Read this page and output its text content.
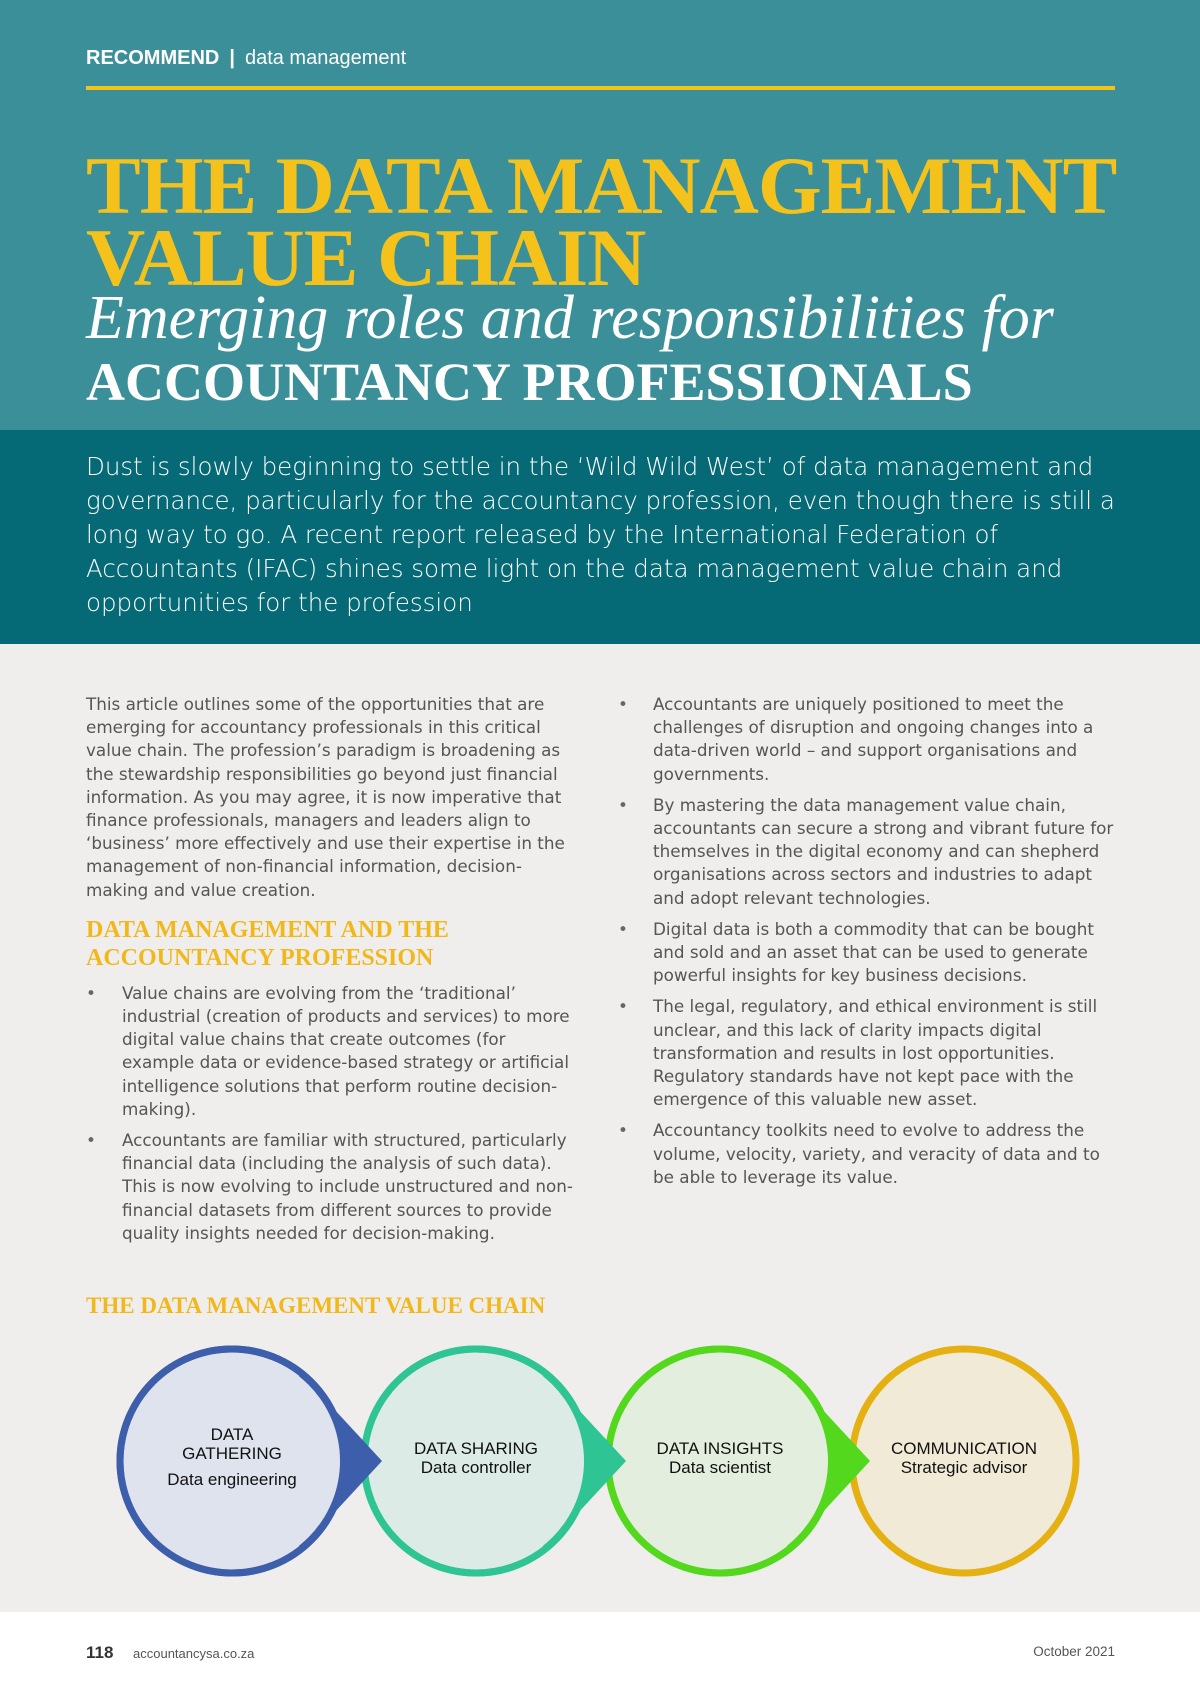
RECOMMEND | data management
THE DATA MANAGEMENT
VALUE CHAIN
Emerging roles and responsibilities for
ACCOUNTANCY PROFESSIONALS

Dust is slowly beginning to settle in the ‘Wild Wild West’ of data management and governance, particularly for the accountancy profession, even though there is still a long way to go. A recent report released by the International Federation of Accountants (IFAC) shines some light on the data management value chain and opportunities for the profession

This article outlines some of the opportunities that are emerging for accountancy professionals in this critical value chain. The profession’s paradigm is broadening as the stewardship responsibilities go beyond just financial information. As you may agree, it is now imperative that finance professionals, managers and leaders align to ‘business’ more effectively and use their expertise in the management of non-financial information, decision-making and value creation.

DATA MANAGEMENT AND THE
ACCOUNTANCY PROFESSION
• Value chains are evolving from the ‘traditional’ industrial (creation of products and services) to more digital value chains that create outcomes (for example data or evidence-based strategy or artificial intelligence solutions that perform routine decision-making).
• Accountants are familiar with structured, particularly financial data (including the analysis of such data). This is now evolving to include unstructured and non-financial datasets from different sources to provide quality insights needed for decision-making.
• Accountants are uniquely positioned to meet the challenges of disruption and ongoing changes into a data-driven world – and support organisations and governments.
• By mastering the data management value chain, accountants can secure a strong and vibrant future for themselves in the digital economy and can shepherd organisations across sectors and industries to adapt and adopt relevant technologies.
• Digital data is both a commodity that can be bought and sold and an asset that can be used to generate powerful insights for key business decisions.
• The legal, regulatory, and ethical environment is still unclear, and this lack of clarity impacts digital transformation and results in lost opportunities. Regulatory standards have not kept pace with the emergence of this valuable new asset.
• Accountancy toolkits need to evolve to address the volume, velocity, variety, and veracity of data and to be able to leverage its value.
THE DATA MANAGEMENT VALUE CHAIN
DATA
GATHERING
Data engineering
DATA SHARING
Data controller
DATA INSIGHTS
Data scientist
COMMUNICATION
Strategic advisor
118 accountancysa.co.za	October 2021
